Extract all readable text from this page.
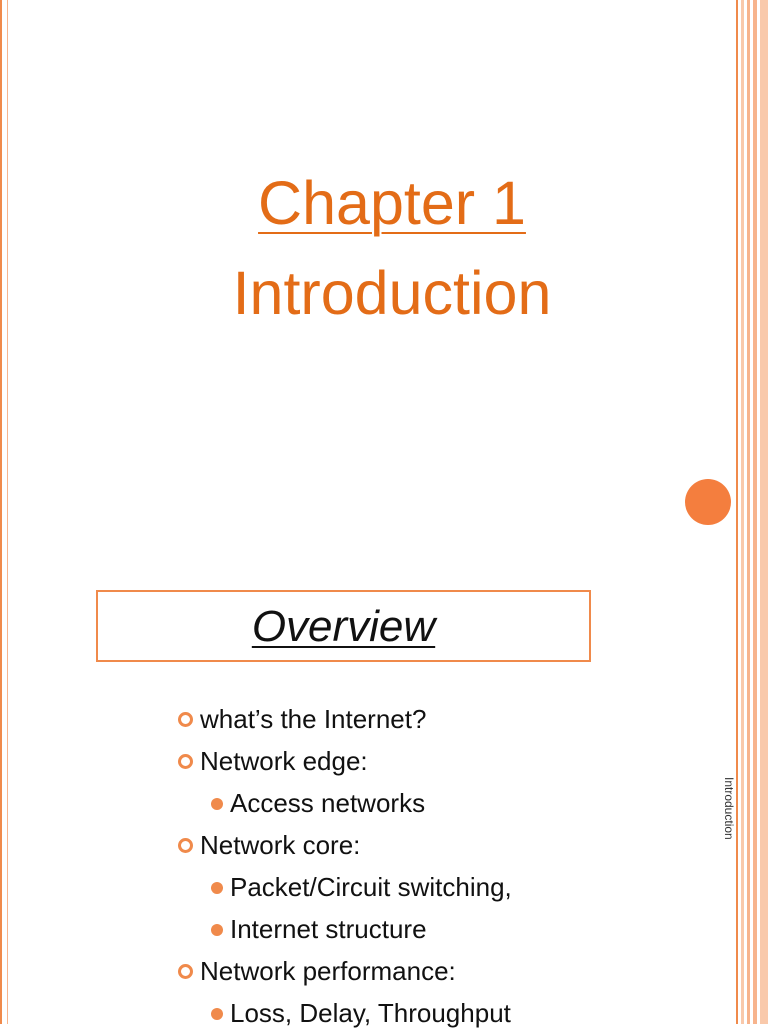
Chapter 1
Introduction
Overview
what’s the Internet?
Network edge:
Access networks
Network core:
Packet/Circuit switching,
Internet structure
Network performance:
Loss, Delay, Throughput
Introduction
